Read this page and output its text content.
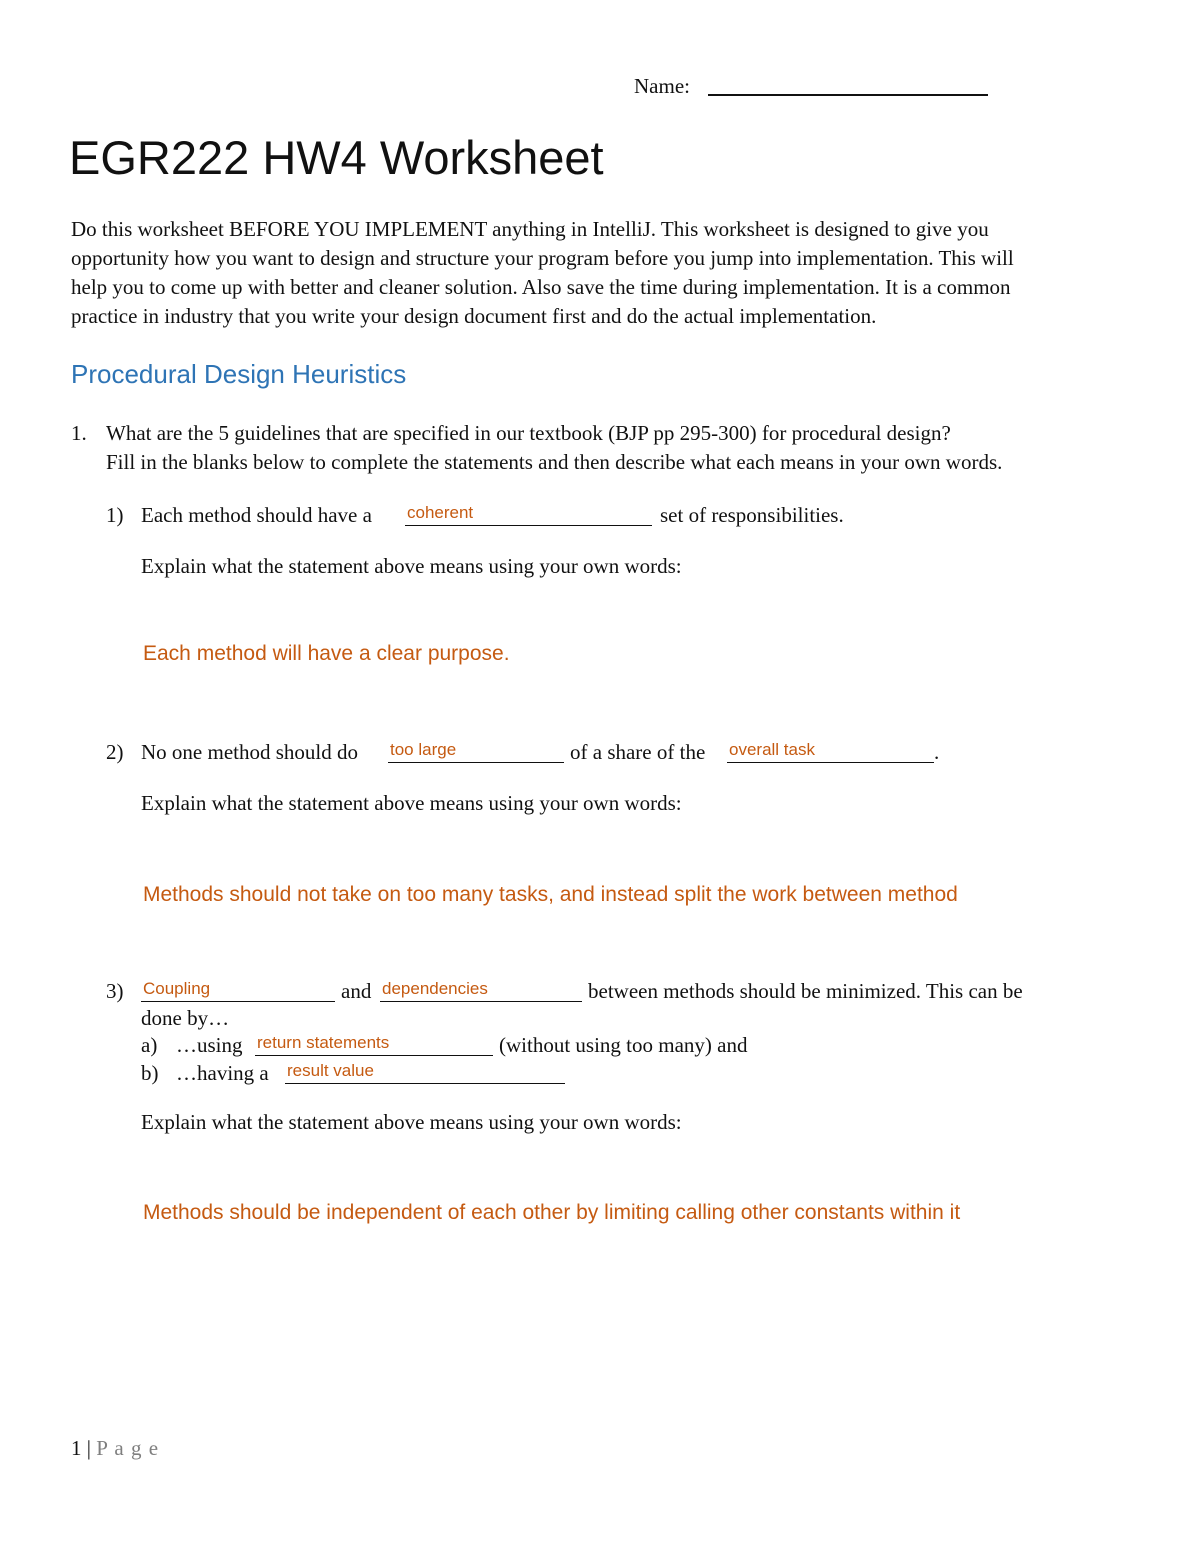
Name:
EGR222 HW4 Worksheet
Do this worksheet BEFORE YOU IMPLEMENT anything in IntelliJ. This worksheet is designed to give you
opportunity how you want to design and structure your program before you jump into implementation. This will
help you to come up with better and cleaner solution. Also save the time during implementation. It is a common
practice in industry that you write your design document first and do the actual implementation.
Procedural Design Heuristics
1. What are the 5 guidelines that are specified in our textbook (BJP pp 295-300) for procedural design?
Fill in the blanks below to complete the statements and then describe what each means in your own words.
1) Each method should have a coherent	set of responsibilities.
Explain what the statement above means using your own words:
Each method will have a clear purpose.
2) No one method should do too large	of a share of the overall task	.
Explain what the statement above means using your own words:
Methods should not take on too many tasks, and instead split the work between method
3) Coupling	and dependencies	between methods should be minimized. This can be
done by…
a) …using return statements	(without using too many) and
b) …having a result value
Explain what the statement above means using your own words:
Methods should be independent of each other by limiting calling other constants within it
1 | P a g e
